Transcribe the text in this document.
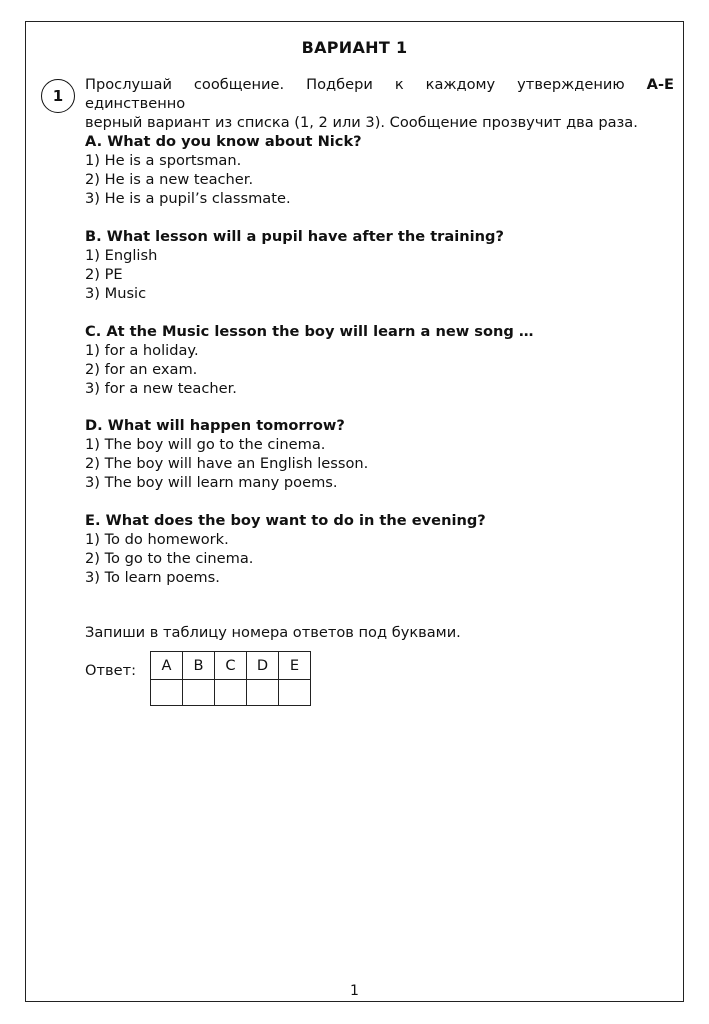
ВАРИАНТ 1
1
Прослушай сообщение. Подбери к каждому утверждению A-E единственно
верный вариант из списка (1, 2 или 3). Сообщение прозвучит два раза.
A. What do you know about Nick?
1) He is a sportsman.
2) He is a new teacher.
3) He is a pupil’s classmate.
B. What lesson will a pupil have after the training?
1) English
2) PE
3) Music
C. At the Music lesson the boy will learn a new song …
1) for a holiday.
2) for an exam.
3) for a new teacher.
D. What will happen tomorrow?
1) The boy will go to the cinema.
2) The boy will have an English lesson.
3) The boy will learn many poems.
E. What does the boy want to do in the evening?
1) To do homework.
2) To go to the cinema.
3) To learn poems.
Запиши в таблицу номера ответов под буквами.
Ответ: A	B	C	D	E

1
